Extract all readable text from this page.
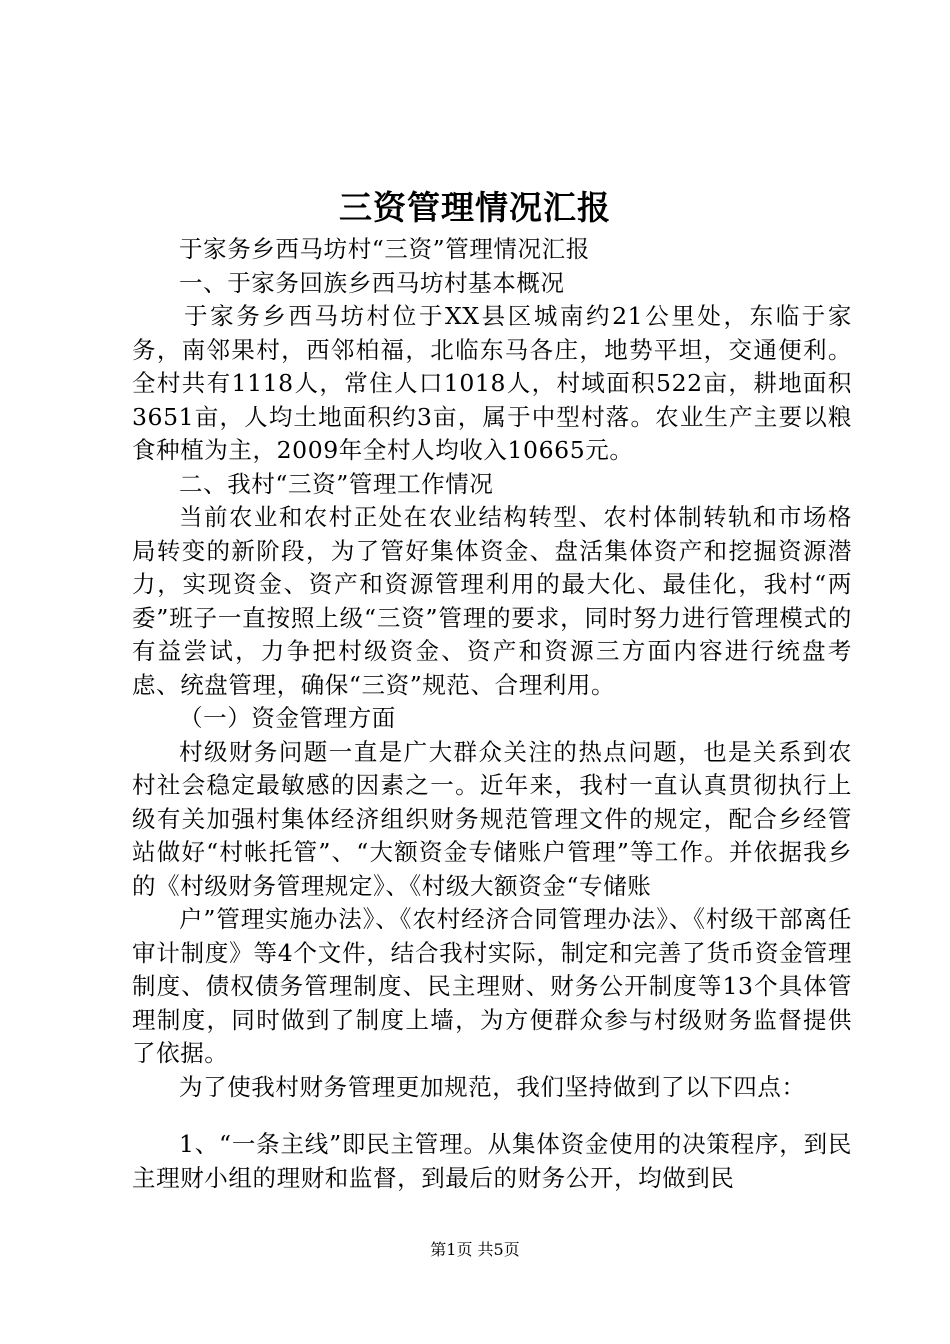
三资管理情况汇报

于家务乡西马坊村“三资”管理情况汇报

一、于家务回族乡西马坊村基本概况

于家务乡西马坊村位于XX县区城南约21公里处，东临于家务，南邻果村，西邻柏福，北临东马各庄，地势平坦，交通便利。全村共有1118人，常住人口1018人，村域面积522亩，耕地面积3651亩，人均土地面积约3亩，属于中型村落。农业生产主要以粮食种植为主，2009年全村人均收入10665元。

二、我村“三资”管理工作情况

当前农业和农村正处在农业结构转型、农村体制转轨和市场格局转变的新阶段，为了管好集体资金、盘活集体资产和挖掘资源潜力，实现资金、资产和资源管理利用的最大化、最佳化，我村“两委”班子一直按照上级“三资”管理的要求，同时努力进行管理模式的有益尝试，力争把村级资金、资产和资源三方面内容进行统盘考虑、统盘管理，确保“三资”规范、合理利用。

（一）资金管理方面

村级财务问题一直是广大群众关注的热点问题，也是关系到农村社会稳定最敏感的因素之一。近年来，我村一直认真贯彻执行上级有关加强村集体经济组织财务规范管理文件的规定，配合乡经管站做好“村帐托管”、“大额资金专储账户管理”等工作。并依据我乡的《村级财务管理规定》、《村级大额资金“专储账

户”管理实施办法》、《农村经济合同管理办法》、《村级干部离任审计制度》等4个文件，结合我村实际，制定和完善了货币资金管理制度、债权债务管理制度、民主理财、财务公开制度等13个具体管理制度，同时做到了制度上墙，为方便群众参与村级财务监督提供了依据。

为了使我村财务管理更加规范，我们坚持做到了以下四点：

1、“一条主线”即民主管理。从集体资金使用的决策程序，到民主理财小组的理财和监督，到最后的财务公开，均做到民

第1页 共5页
